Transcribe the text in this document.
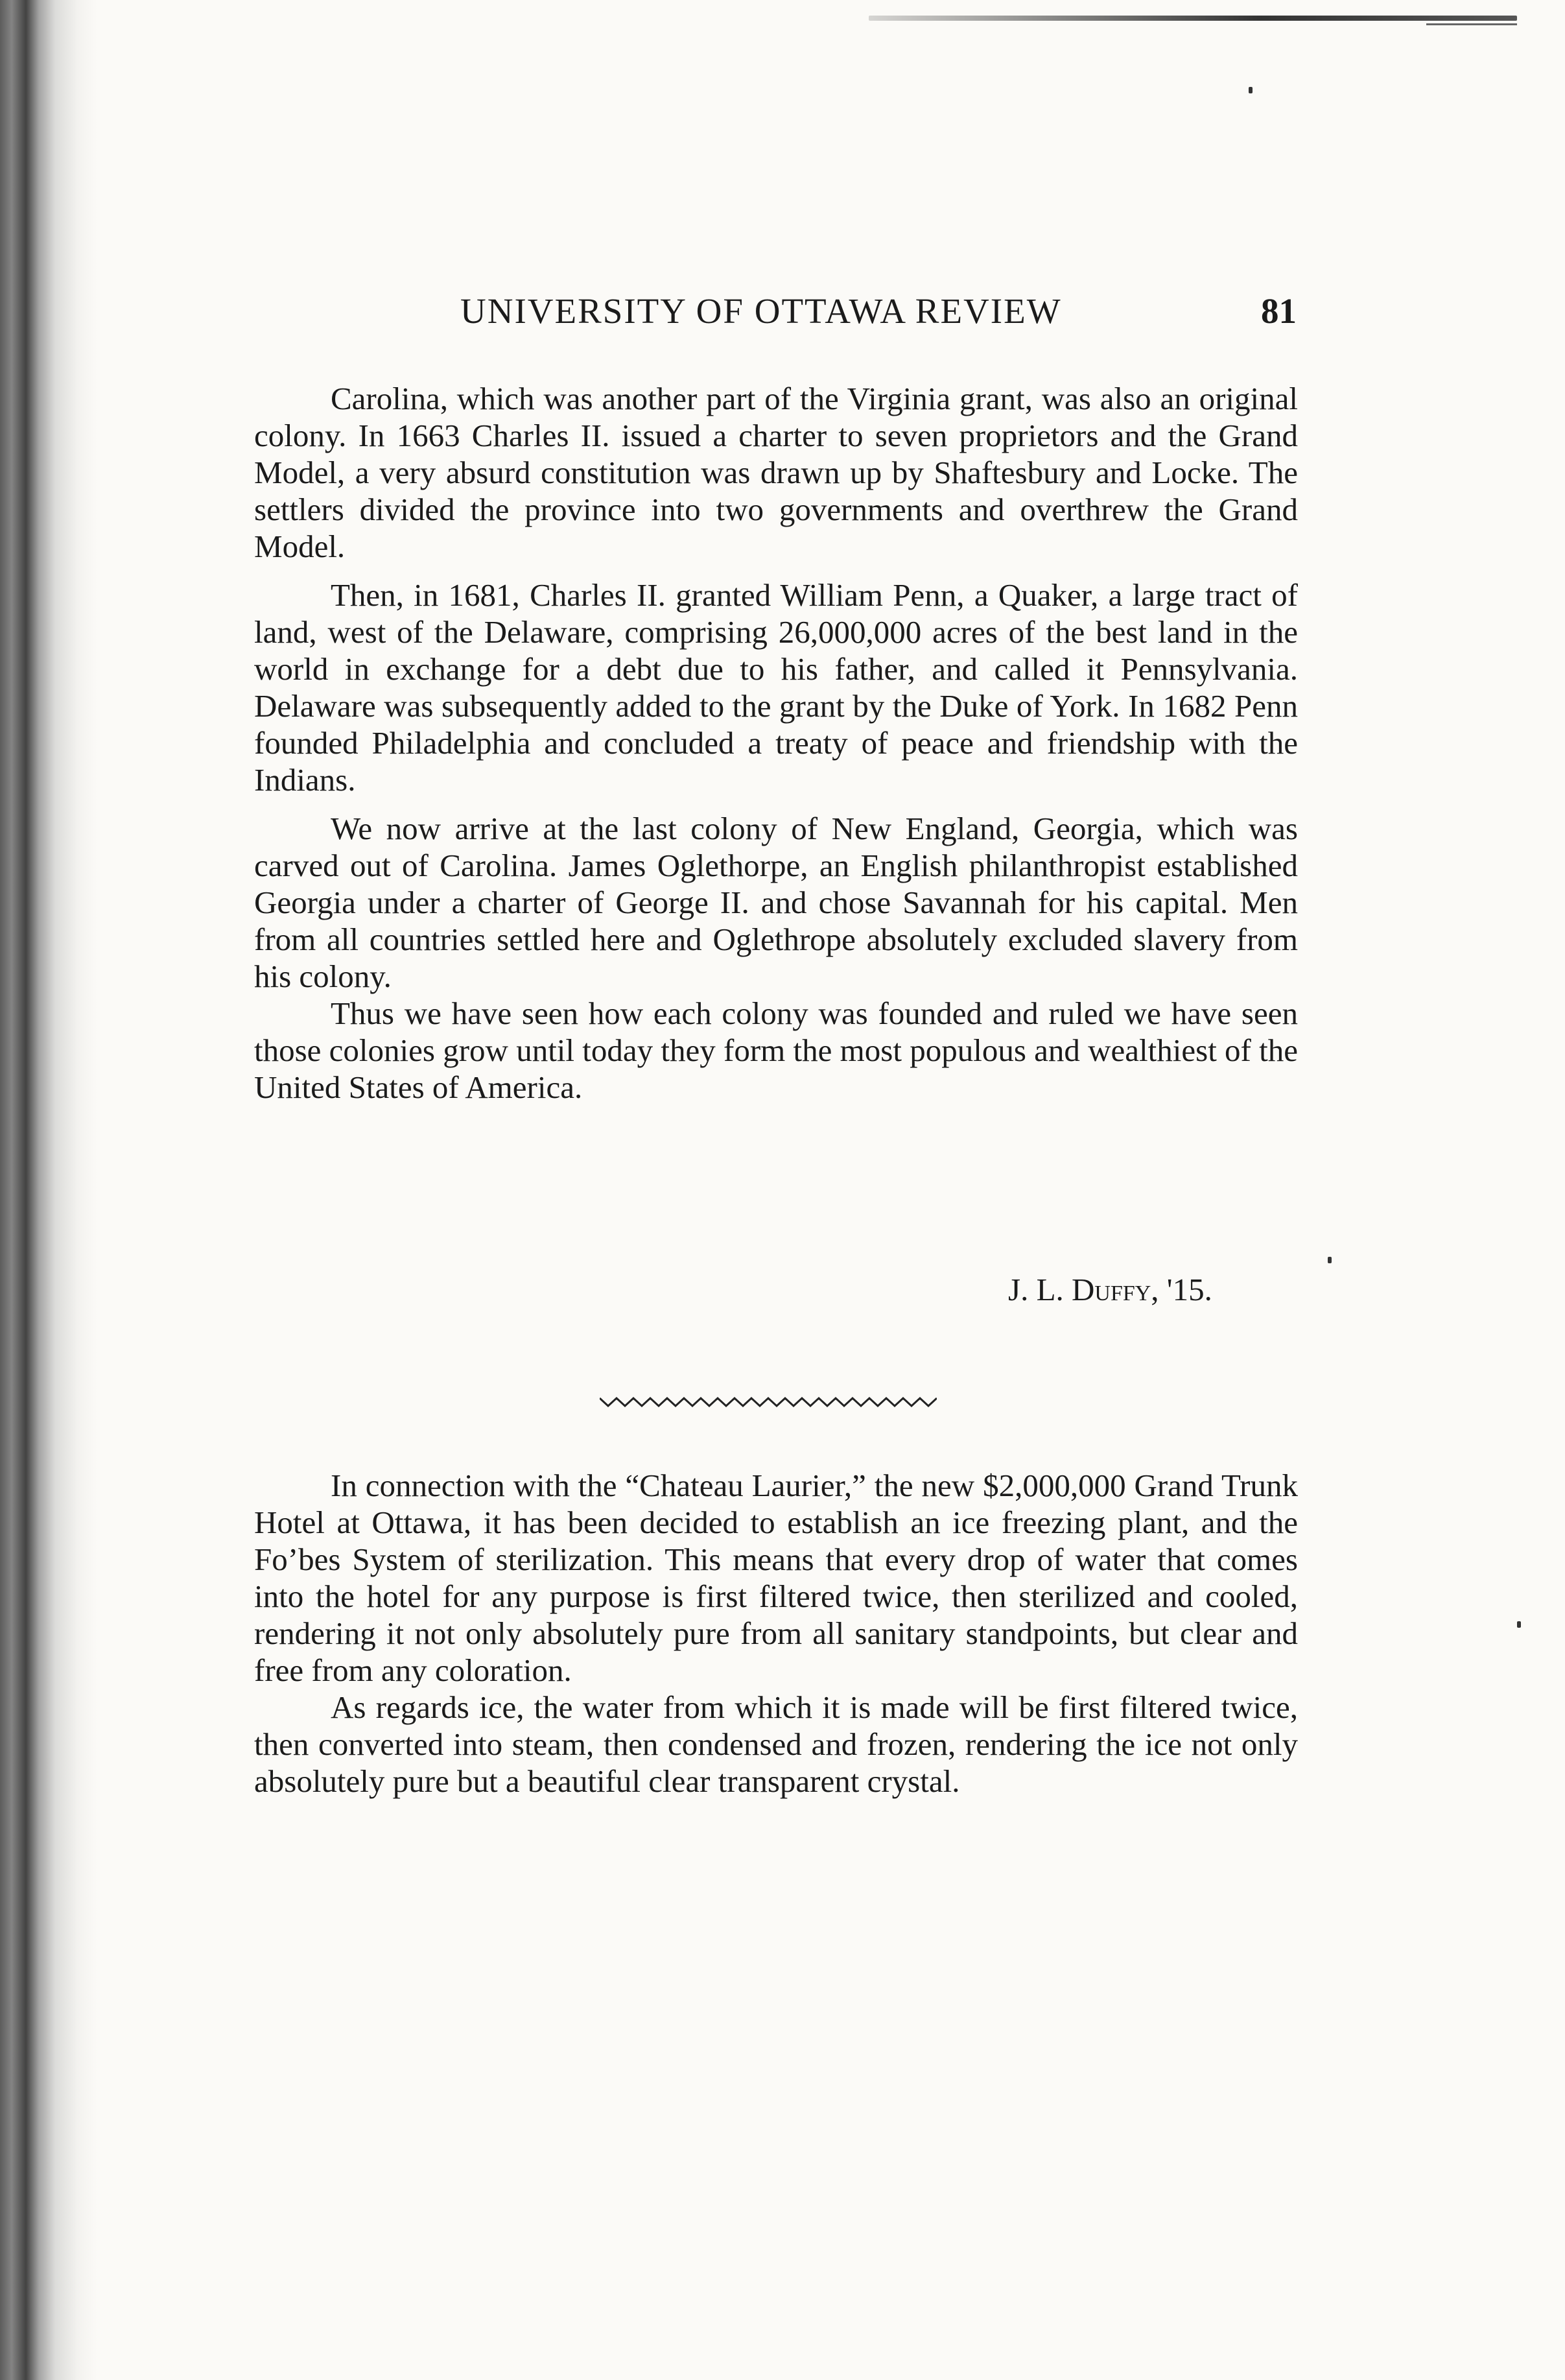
UNIVERSITY OF OTTAWA REVIEW	81

Carolina, which was another part of the Virginia grant, was also an original colony. In 1663 Charles II. issued a charter to seven proprietors and the Grand Model, a very absurd constitution was drawn up by Shaftesbury and Locke. The settlers divided the province into two governments and overthrew the Grand Model.

Then, in 1681, Charles II. granted William Penn, a Quaker, a large tract of land, west of the Delaware, comprising 26,000,000 acres of the best land in the world in exchange for a debt due to his father, and called it Pennsylvania. Delaware was subsequently added to the grant by the Duke of York. In 1682 Penn founded Philadelphia and concluded a treaty of peace and friendship with the Indians.

We now arrive at the last colony of New England, Georgia, which was carved out of Carolina. James Oglethorpe, an English philanthropist established Georgia under a charter of George II. and chose Savannah for his capital. Men from all countries settled here and Oglethrope absolutely excluded slavery from his colony.

Thus we have seen how each colony was founded and ruled we have seen those colonies grow until today they form the most populous and wealthiest of the United States of America.

J. L. Duffy, '15.

In connection with the “Chateau Laurier,” the new $2,000,000 Grand Trunk Hotel at Ottawa, it has been decided to establish an ice freezing plant, and the Fo’bes System of sterilization. This means that every drop of water that comes into the hotel for any purpose is first filtered twice, then sterilized and cooled, rendering it not only absolutely pure from all sanitary standpoints, but clear and free from any coloration.

As regards ice, the water from which it is made will be first filtered twice, then converted into steam, then condensed and frozen, rendering the ice not only absolutely pure but a beautiful clear transparent crystal.
